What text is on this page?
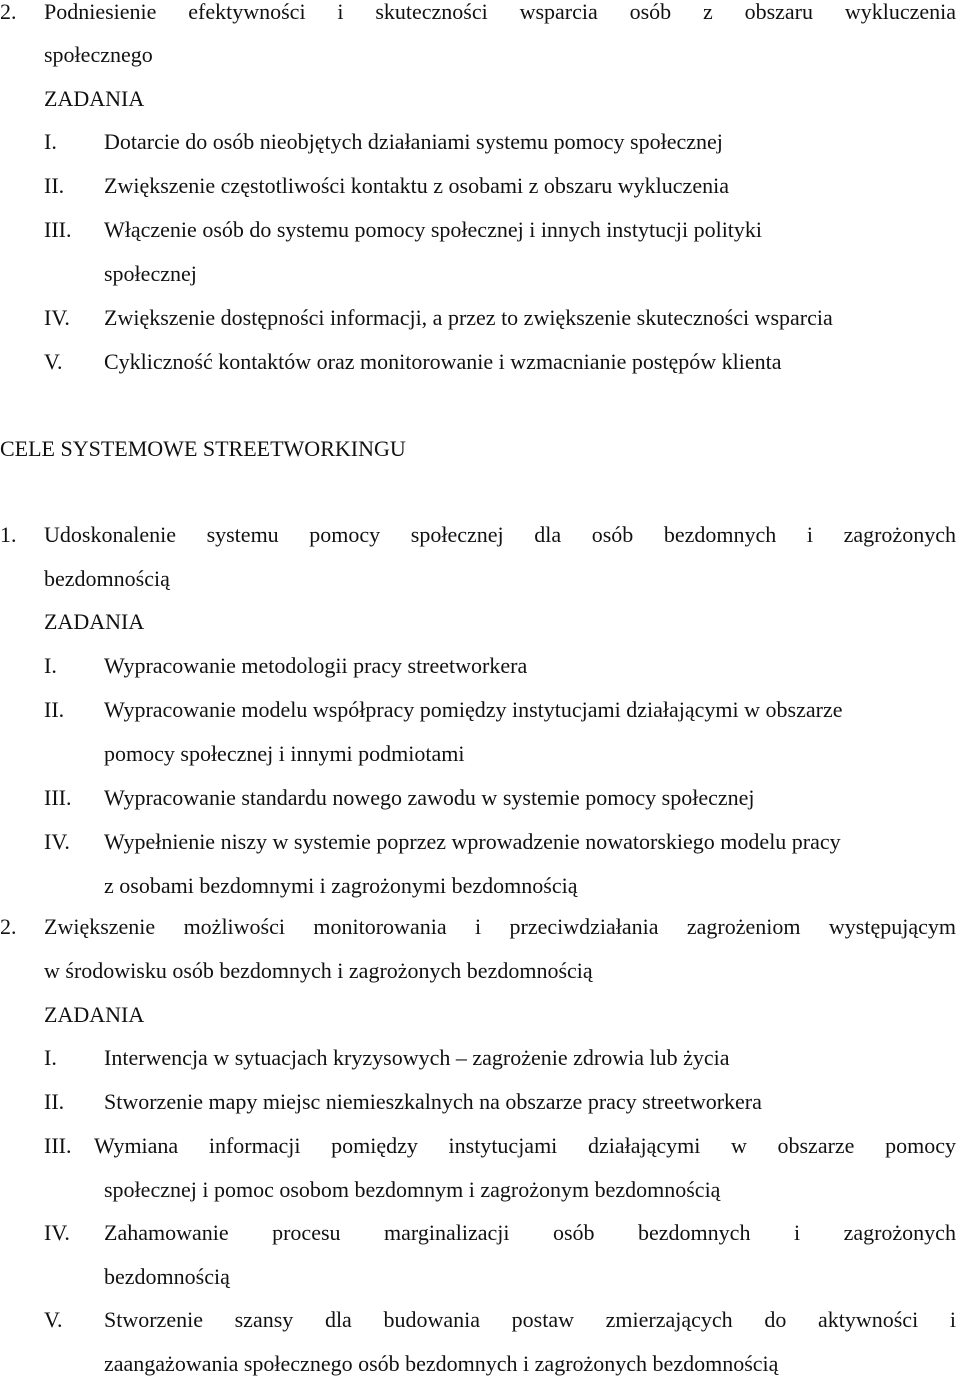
2. Podniesienie efektywności i skuteczności wsparcia osób z obszaru wykluczenia
społecznego
ZADANIA
I. Dotarcie do osób nieobjętych działaniami systemu pomocy społecznej
II. Zwiększenie częstotliwości kontaktu z osobami z obszaru wykluczenia
III. Włączenie osób do systemu pomocy społecznej i innych instytucji polityki
społecznej
IV. Zwiększenie dostępności informacji, a przez to zwiększenie skuteczności wsparcia
V. Cykliczność kontaktów oraz monitorowanie i wzmacnianie postępów klienta
CELE SYSTEMOWE STREETWORKINGU
1. Udoskonalenie systemu pomocy społecznej dla osób bezdomnych i zagrożonych
bezdomnością
ZADANIA
I. Wypracowanie metodologii pracy streetworkera
II. Wypracowanie modelu współpracy pomiędzy instytucjami działającymi w obszarze
pomocy społecznej i innymi podmiotami
III. Wypracowanie standardu nowego zawodu w systemie pomocy społecznej
IV. Wypełnienie niszy w systemie poprzez wprowadzenie nowatorskiego modelu pracy
z osobami bezdomnymi i zagrożonymi bezdomnością
2. Zwiększenie możliwości monitorowania i przeciwdziałania zagrożeniom występującym
w środowisku osób bezdomnych i zagrożonych bezdomnością
ZADANIA
I. Interwencja w sytuacjach kryzysowych – zagrożenie zdrowia lub życia
II. Stworzenie mapy miejsc niemieszkalnych na obszarze pracy streetworkera
III. Wymiana informacji pomiędzy instytucjami działającymi w obszarze pomocy
społecznej i pomoc osobom bezdomnym i zagrożonym bezdomnością
IV. Zahamowanie procesu marginalizacji osób bezdomnych i zagrożonych
bezdomnością
V. Stworzenie szansy dla budowania postaw zmierzających do aktywności i
zaangażowania społecznego osób bezdomnych i zagrożonych bezdomnością
